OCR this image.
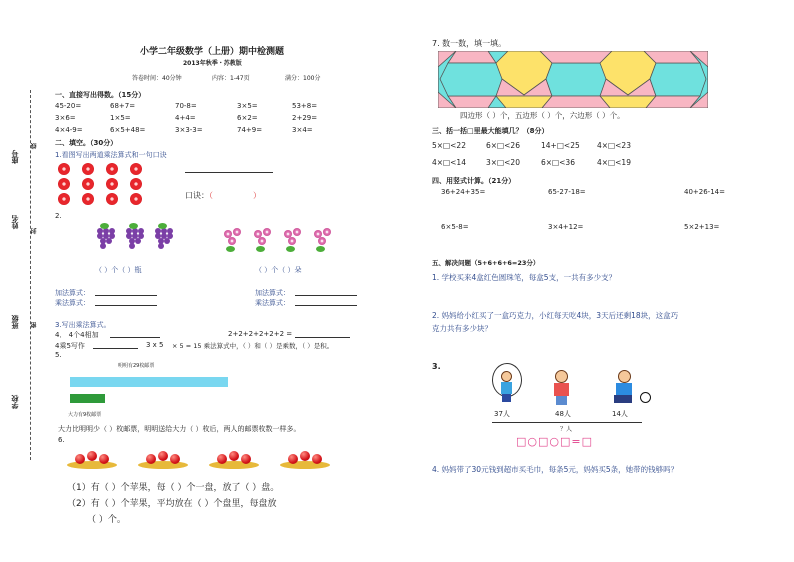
座号
姓名
班级
学校
线
封
密
小学二年级数学（上册）期中检测题
2013年秋季・苏教版
答卷时间：40分钟	内容：1-47页	满分：100分
一、直接写出得数。（15分）
45-20=	68+7=	70-8=	3×5=	53+8=
3×6=	1×5=	4+4=	6×2=	2+29=
4×4-9=	6×5+48=	3×3-3=	74+9=	3×4=
二、填空。（30分）
1.看图写出两道乘法算式和一句口诀
口诀：（　　　　　）
2.
（ ）个（ ）瓶	（ ）个（ ）朵
加法算式：
乘法算式：
加法算式：
乘法算式：
3.写出乘法算式。
4． 4个4相加	2+2+2+2+2+2 =
4乘5写作	3 x 5 × 5 = 15 乘法算式中，（ ）和（ ）是乘数，（ ）是积。
5.
明明有29枚邮票
大力有9枚邮票
大力比明明少（ ）枚邮票，明明送给大力（ ）枚后，两人的邮票枚数一样多。
6.
（1）有（ ）个苹果，每（ ）个一盘，放了（ ）盘。
（2）有（ ）个苹果，平均放在（ ）个盘里，每盘放
（ ）个。
7. 数一数，填一填。
四边形（ ）个，五边形（ ）个，六边形（ ）个。
三、括一括□里最大能填几？（8分）
5×□<22	6×□<26	14+□<25 4×□<23
4×□<14	3×□<20	6×□<36	4×□<19
四、用竖式计算。（21分）
36+24+35=	65-27-18=	40+26-14=
6×5-8=	3×4+12=	5×2+13=
五、解决问题（5+6+6+6=23分）
1. 学校买来4盒红色圆珠笔，每盒5支，一共有多少支？
2. 妈妈给小红买了一盒巧克力，小红每天吃4块，3天后还剩18块，这盒巧
克力共有多少块？
3.
37人	48人	14人
？人
□○□○□=□
4. 妈妈带了30元钱到超市买毛巾，每条5元，妈妈买5条，她带的钱够吗？
